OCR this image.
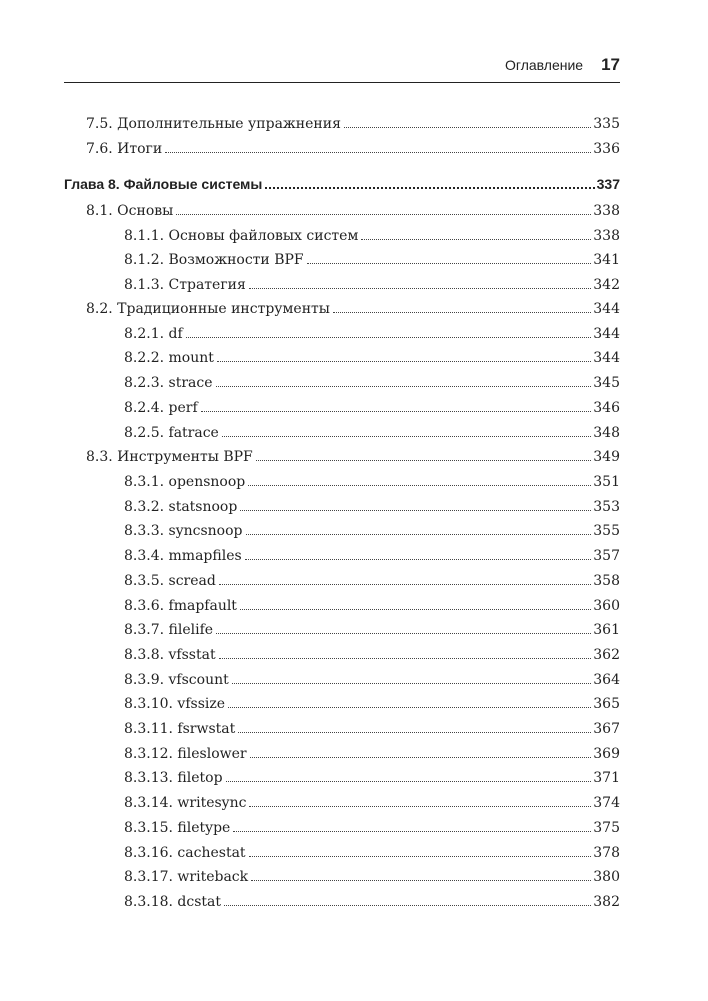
Оглавление 17
7.5. Дополнительные упражнения	335
7.6. Итоги	336
Глава 8. Файловые системы	337
8.1. Основы	338
8.1.1. Основы файловых систем	338
8.1.2. Возможности BPF	341
8.1.3. Стратегия	342
8.2. Традиционные инструменты	344
8.2.1. df	344
8.2.2. mount	344
8.2.3. strace	345
8.2.4. perf	346
8.2.5. fatrace	348
8.3. Инструменты BPF	349
8.3.1. opensnoop	351
8.3.2. statsnoop	353
8.3.3. syncsnoop	355
8.3.4. mmapfiles	357
8.3.5. scread	358
8.3.6. fmapfault	360
8.3.7. filelife	361
8.3.8. vfsstat	362
8.3.9. vfscount	364
8.3.10. vfssize	365
8.3.11. fsrwstat	367
8.3.12. fileslower	369
8.3.13. filetop	371
8.3.14. writesync	374
8.3.15. filetype	375
8.3.16. cachestat	378
8.3.17. writeback	380
8.3.18. dcstat	382
